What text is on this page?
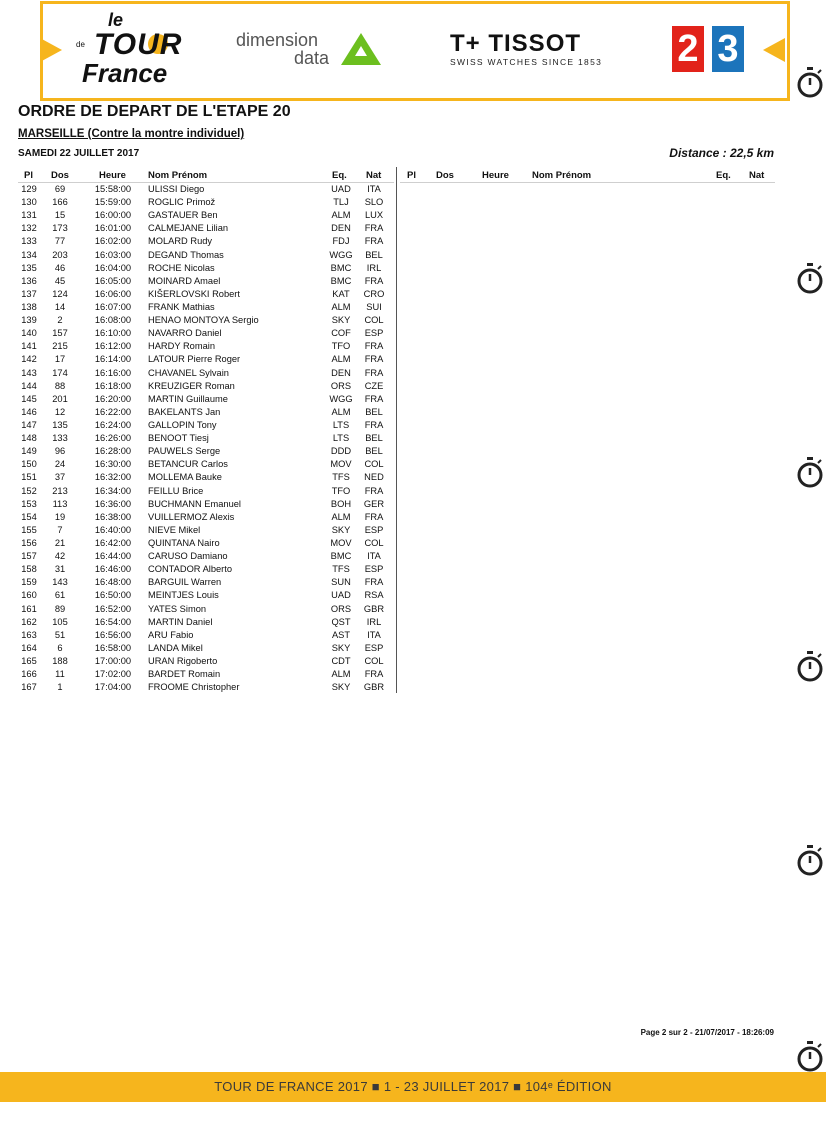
le
TOUR
de
France
dimension
data
T+ TISSOT
SWISS WATCHES SINCE 1853 2 3
ORDRE DE DEPART DE L'ETAPE 20
MARSEILLE (Contre la montre individuel)
SAMEDI 22 JUILLET 2017	Distance : 22,5 km
Pl Dos	Heure Nom Prénom	Eq. Nat	Pl Dos	Heure Nom Prénom	Eq. Nat
129	69	15:58:00 ULISSI Diego	UAD	ITA
130	166	15:59:00 ROGLIC Primož	TLJ	SLO
131	15	16:00:00 GASTAUER Ben	ALM	LUX
132	173	16:01:00 CALMEJANE Lilian	DEN	FRA
133	77	16:02:00 MOLARD Rudy	FDJ	FRA
134	203	16:03:00 DEGAND Thomas	WGG	BEL
135	46	16:04:00 ROCHE Nicolas	BMC	IRL
136	45	16:05:00 MOINARD Amael	BMC	FRA
137	124	16:06:00 KIŠERLOVSKI Robert	KAT	CRO
138	14	16:07:00 FRANK Mathias	ALM	SUI
139	2	16:08:00 HENAO MONTOYA Sergio	SKY	COL
140	157	16:10:00 NAVARRO Daniel	COF	ESP
141	215	16:12:00 HARDY Romain	TFO	FRA
142	17	16:14:00 LATOUR Pierre Roger	ALM	FRA
143	174	16:16:00 CHAVANEL Sylvain	DEN	FRA
144	88	16:18:00 KREUZIGER Roman	ORS	CZE
145	201	16:20:00 MARTIN Guillaume	WGG	FRA
146	12	16:22:00 BAKELANTS Jan	ALM	BEL
147	135	16:24:00 GALLOPIN Tony	LTS	FRA
148	133	16:26:00 BENOOT Tiesj	LTS	BEL
149	96	16:28:00 PAUWELS Serge	DDD	BEL
150	24	16:30:00 BETANCUR Carlos	MOV	COL
151	37	16:32:00 MOLLEMA Bauke	TFS	NED
152	213	16:34:00 FEILLU Brice	TFO	FRA
153	113	16:36:00 BUCHMANN Emanuel	BOH	GER
154	19	16:38:00 VUILLERMOZ Alexis	ALM	FRA
155	7	16:40:00 NIEVE Mikel	SKY	ESP
156	21	16:42:00 QUINTANA Nairo	MOV	COL
157	42	16:44:00 CARUSO Damiano	BMC	ITA
158	31	16:46:00 CONTADOR Alberto	TFS	ESP
159	143	16:48:00 BARGUIL Warren	SUN	FRA
160	61	16:50:00 MEINTJES Louis	UAD	RSA
161	89	16:52:00 YATES Simon	ORS	GBR
162	105	16:54:00 MARTIN Daniel	QST	IRL
163	51	16:56:00 ARU Fabio	AST	ITA
164	6	16:58:00 LANDA Mikel	SKY	ESP
165	188	17:00:00 URAN Rigoberto	CDT	COL
166	11	17:02:00 BARDET Romain	ALM	FRA
167	1	17:04:00 FROOME Christopher	SKY	GBR
Page 2 sur 2 - 21/07/2017 - 18:26:09
TOUR DE FRANCE 2017 ■ 1 - 23 JUILLET 2017 ■ 104ᵉ ÉDITION
